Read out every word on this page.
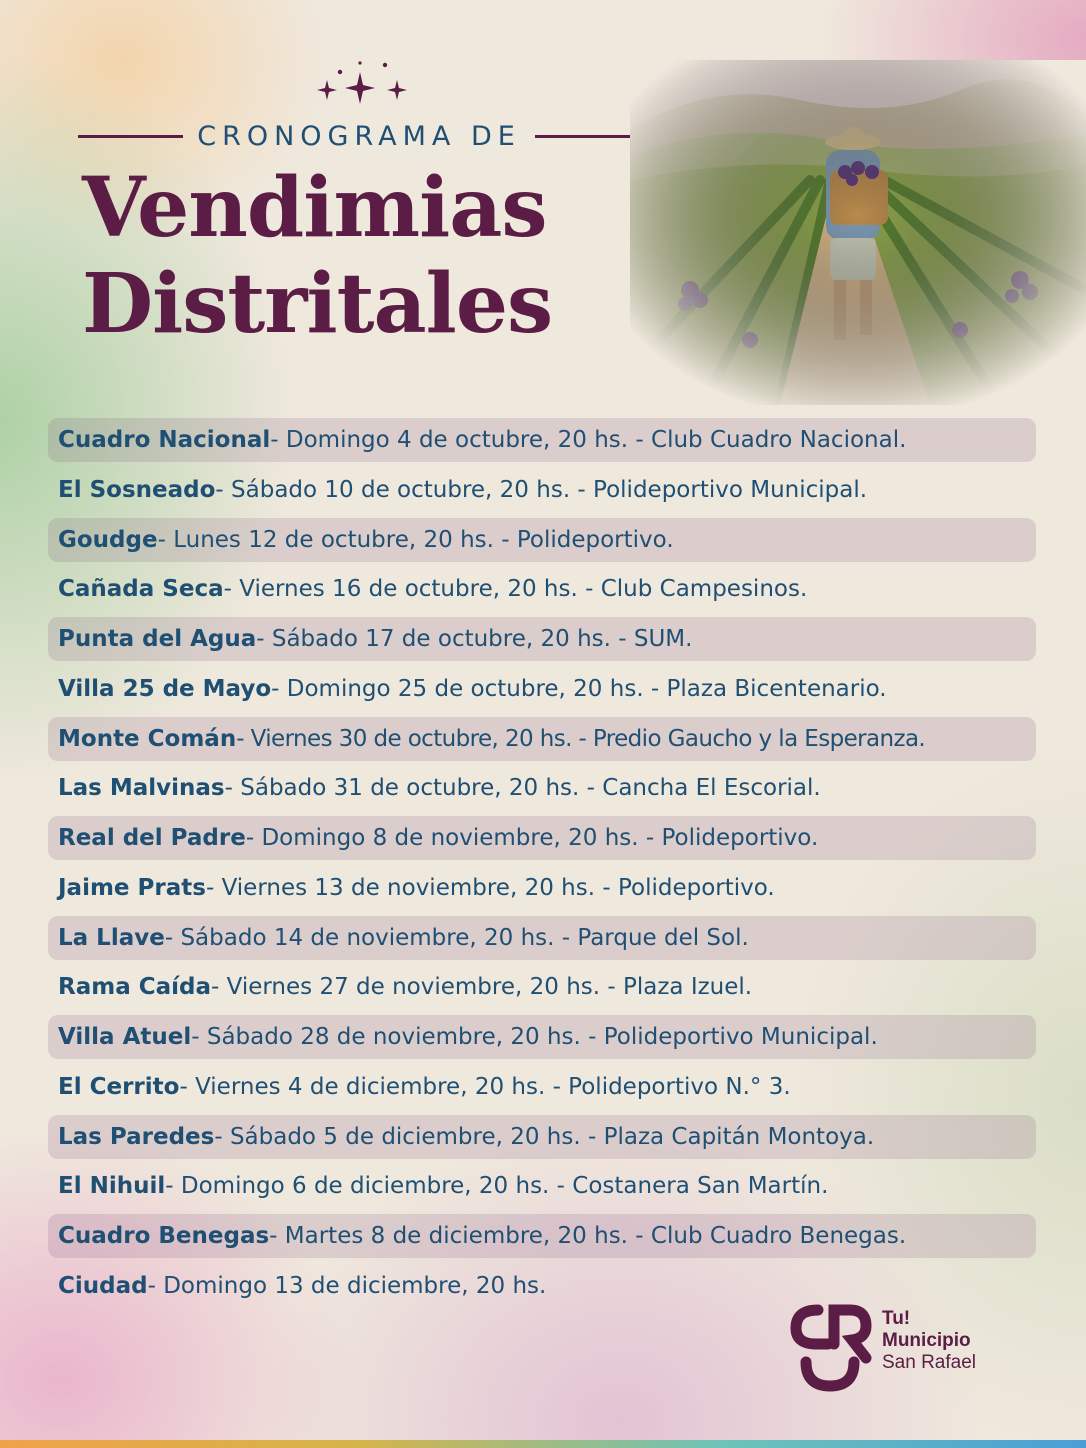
CRONOGRAMA DE
Vendimias
Distritales
Cuadro Nacional - Domingo 4 de octubre, 20 hs. - Club Cuadro Nacional.
El Sosneado - Sábado 10 de octubre, 20 hs. - Polideportivo Municipal.
Goudge - Lunes 12 de octubre, 20 hs. - Polideportivo.
Cañada Seca - Viernes 16 de octubre, 20 hs. - Club Campesinos.
Punta del Agua - Sábado 17 de octubre, 20 hs. - SUM.
Villa 25 de Mayo - Domingo 25 de octubre, 20 hs. - Plaza Bicentenario.
Monte Comán - Viernes 30 de octubre, 20 hs. - Predio Gaucho y la Esperanza.
Las Malvinas - Sábado 31 de octubre, 20 hs. - Cancha El Escorial.
Real del Padre - Domingo 8 de noviembre, 20 hs. - Polideportivo.
Jaime Prats - Viernes 13 de noviembre, 20 hs. - Polideportivo.
La Llave - Sábado 14 de noviembre, 20 hs. - Parque del Sol.
Rama Caída - Viernes 27 de noviembre, 20 hs. - Plaza Izuel.
Villa Atuel - Sábado 28 de noviembre, 20 hs. - Polideportivo Municipal.
El Cerrito - Viernes 4 de diciembre, 20 hs. - Polideportivo N.° 3.
Las Paredes - Sábado 5 de diciembre, 20 hs. - Plaza Capitán Montoya.
El Nihuil - Domingo 6 de diciembre, 20 hs. - Costanera San Martín.
Cuadro Benegas - Martes 8 de diciembre, 20 hs. - Club Cuadro Benegas.
Ciudad - Domingo 13 de diciembre, 20 hs.
Tu!
Municipio
San Rafael
